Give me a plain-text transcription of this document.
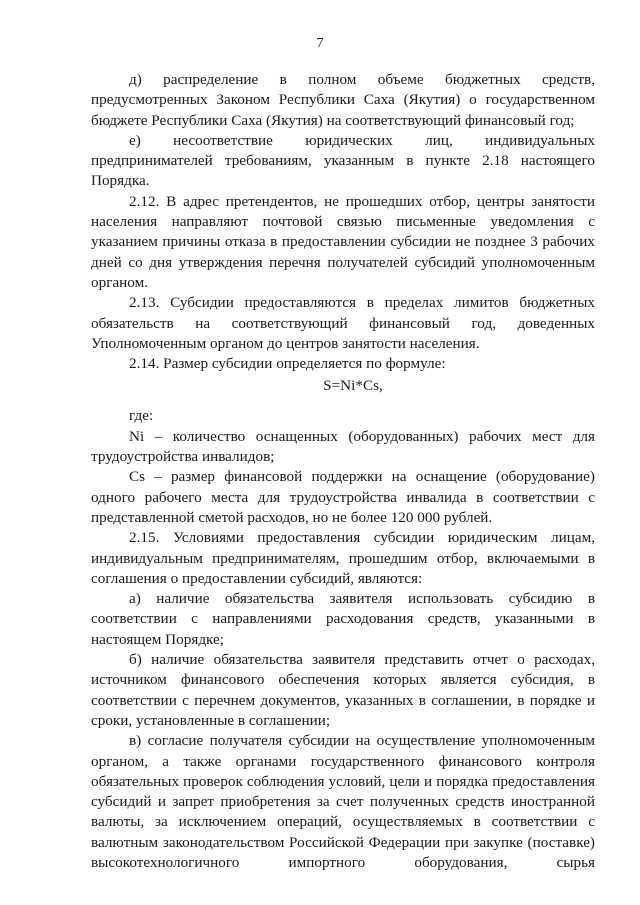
7

д) распределение в полном объеме бюджетных средств, предусмотренных Законом Республики Саха (Якутия) о государственном бюджете Республики Саха (Якутия) на соответствующий финансовый год;

е) несоответствие юридических лиц, индивидуальных предпринимателей требованиям, указанным в пункте 2.18 настоящего Порядка.

2.12. В адрес претендентов, не прошедших отбор, центры занятости населения направляют почтовой связью письменные уведомления с указанием причины отказа в предоставлении субсидии не позднее 3 рабочих дней со дня утверждения перечня получателей субсидий уполномоченным органом.

2.13. Субсидии предоставляются в пределах лимитов бюджетных обязательств на соответствующий финансовый год, доведенных Уполномоченным органом до центров занятости населения.

2.14. Размер субсидии определяется по формуле:

S=Ni*Cs,

где:

Ni – количество оснащенных (оборудованных) рабочих мест для трудоустройства инвалидов;

Cs – размер финансовой поддержки на оснащение (оборудование) одного рабочего места для трудоустройства инвалида в соответствии с представленной сметой расходов, но не более 120 000 рублей.

2.15. Условиями предоставления субсидии юридическим лицам, индивидуальным предпринимателям, прошедшим отбор, включаемыми в соглашения о предоставлении субсидий, являются:

а) наличие обязательства заявителя использовать субсидию в соответствии с направлениями расходования средств, указанными в настоящем Порядке;

б) наличие обязательства заявителя представить отчет о расходах, источником финансового обеспечения которых является субсидия, в соответствии с перечнем документов, указанных в соглашении, в порядке и сроки, установленные в соглашении;

в) согласие получателя субсидии на осуществление уполномоченным органом, а также органами государственного финансового контроля обязательных проверок соблюдения условий, цели и порядка предоставления субсидий и запрет приобретения за счет полученных средств иностранной валюты, за исключением операций, осуществляемых в соответствии с валютным законодательством Российской Федерации при закупке (поставке) высокотехнологичного импортного оборудования, сырья
